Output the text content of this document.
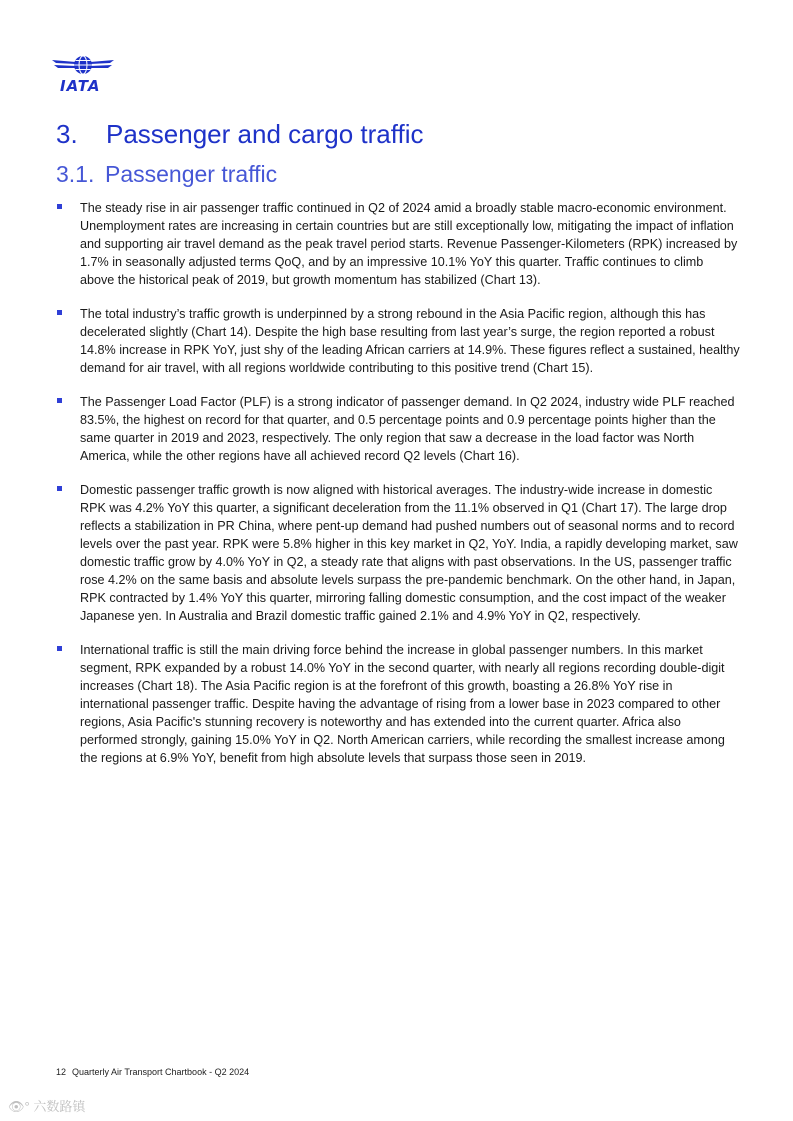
IATA
3. Passenger and cargo traffic
3.1. Passenger traffic

The steady rise in air passenger traffic continued in Q2 of 2024 amid a broadly stable macro-economic environment. Unemployment rates are increasing in certain countries but are still exceptionally low, mitigating the impact of inflation and supporting air travel demand as the peak travel period starts. Revenue Passenger-Kilometers (RPK) increased by 1.7% in seasonally adjusted terms QoQ, and by an impressive 10.1% YoY this quarter. Traffic continues to climb above the historical peak of 2019, but growth momentum has stabilized (Chart 13).

The total industry’s traffic growth is underpinned by a strong rebound in the Asia Pacific region, although this has decelerated slightly (Chart 14). Despite the high base resulting from last year’s surge, the region reported a robust 14.8% increase in RPK YoY, just shy of the leading African carriers at 14.9%. These figures reflect a sustained, healthy demand for air travel, with all regions worldwide contributing to this positive trend (Chart 15).

The Passenger Load Factor (PLF) is a strong indicator of passenger demand. In Q2 2024, industry wide PLF reached 83.5%, the highest on record for that quarter, and 0.5 percentage points and 0.9 percentage points higher than the same quarter in 2019 and 2023, respectively. The only region that saw a decrease in the load factor was North America, while the other regions have all achieved record Q2 levels (Chart 16).

Domestic passenger traffic growth is now aligned with historical averages. The industry-wide increase in domestic RPK was 4.2% YoY this quarter, a significant deceleration from the 11.1% observed in Q1 (Chart 17). The large drop reflects a stabilization in PR China, where pent-up demand had pushed numbers out of seasonal norms and to record levels over the past year. RPK were 5.8% higher in this key market in Q2, YoY. India, a rapidly developing market, saw domestic traffic grow by 4.0% YoY in Q2, a steady rate that aligns with past observations. In the US, passenger traffic rose 4.2% on the same basis and absolute levels surpass the pre-pandemic benchmark. On the other hand, in Japan, RPK contracted by 1.4% YoY this quarter, mirroring falling domestic consumption, and the cost impact of the weaker Japanese yen. In Australia and Brazil domestic traffic gained 2.1% and 4.9% YoY in Q2, respectively.

International traffic is still the main driving force behind the increase in global passenger numbers. In this market segment, RPK expanded by a robust 14.0% YoY in the second quarter, with nearly all regions recording double-digit increases (Chart 18). The Asia Pacific region is at the forefront of this growth, boasting a 26.8% YoY rise in international passenger traffic. Despite having the advantage of rising from a lower base in 2023 compared to other regions, Asia Pacific's stunning recovery is noteworthy and has extended into the current quarter. Africa also performed strongly, gaining 15.0% YoY in Q2. North American carriers, while recording the smallest increase among the regions at 6.9% YoY, benefit from high absolute levels that surpass those seen in 2019.

12 Quarterly Air Transport Chartbook - Q2 2024
👁° 六数路镇
